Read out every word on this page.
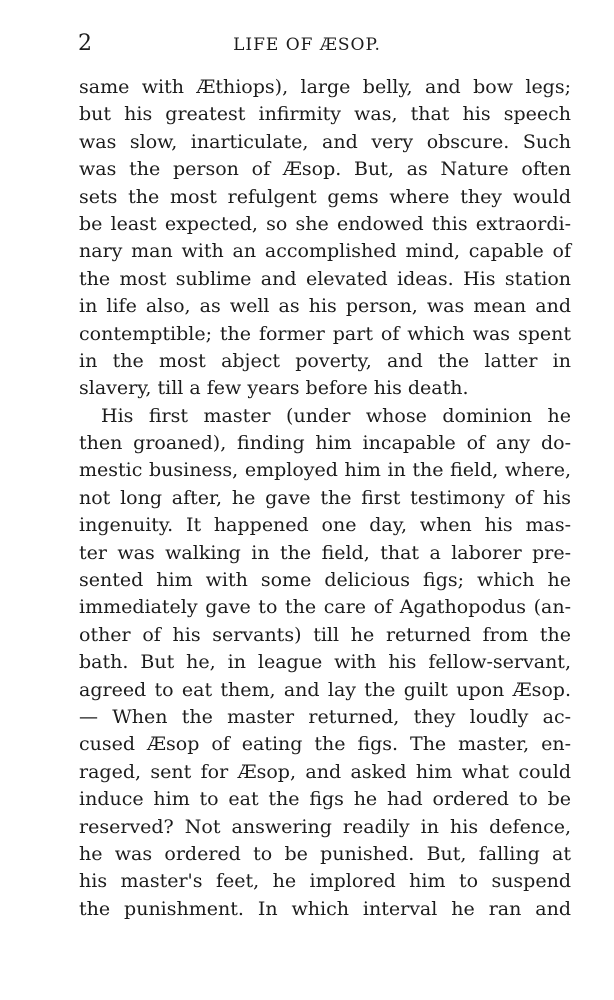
2	LIFE OF ÆSOP.
same with Æthiops), large belly, and bow legs;
but his greatest infirmity was, that his speech
was slow, inarticulate, and very obscure. Such
was the person of Æsop. But, as Nature often
sets the most refulgent gems where they would
be least expected, so she endowed this extraordi-
nary man with an accomplished mind, capable of
the most sublime and elevated ideas. His station
in life also, as well as his person, was mean and
contemptible; the former part of which was spent
in the most abject poverty, and the latter in
slavery, till a few years before his death.
His first master (under whose dominion he
then groaned), finding him incapable of any do-
mestic business, employed him in the field, where,
not long after, he gave the first testimony of his
ingenuity. It happened one day, when his mas-
ter was walking in the field, that a laborer pre-
sented him with some delicious figs; which he
immediately gave to the care of Agathopodus (an-
other of his servants) till he returned from the
bath. But he, in league with his fellow-servant,
agreed to eat them, and lay the guilt upon Æsop.
— When the master returned, they loudly ac-
cused Æsop of eating the figs. The master, en-
raged, sent for Æsop, and asked him what could
induce him to eat the figs he had ordered to be
reserved? Not answering readily in his defence,
he was ordered to be punished. But, falling at
his master's feet, he implored him to suspend
the punishment. In which interval he ran and
